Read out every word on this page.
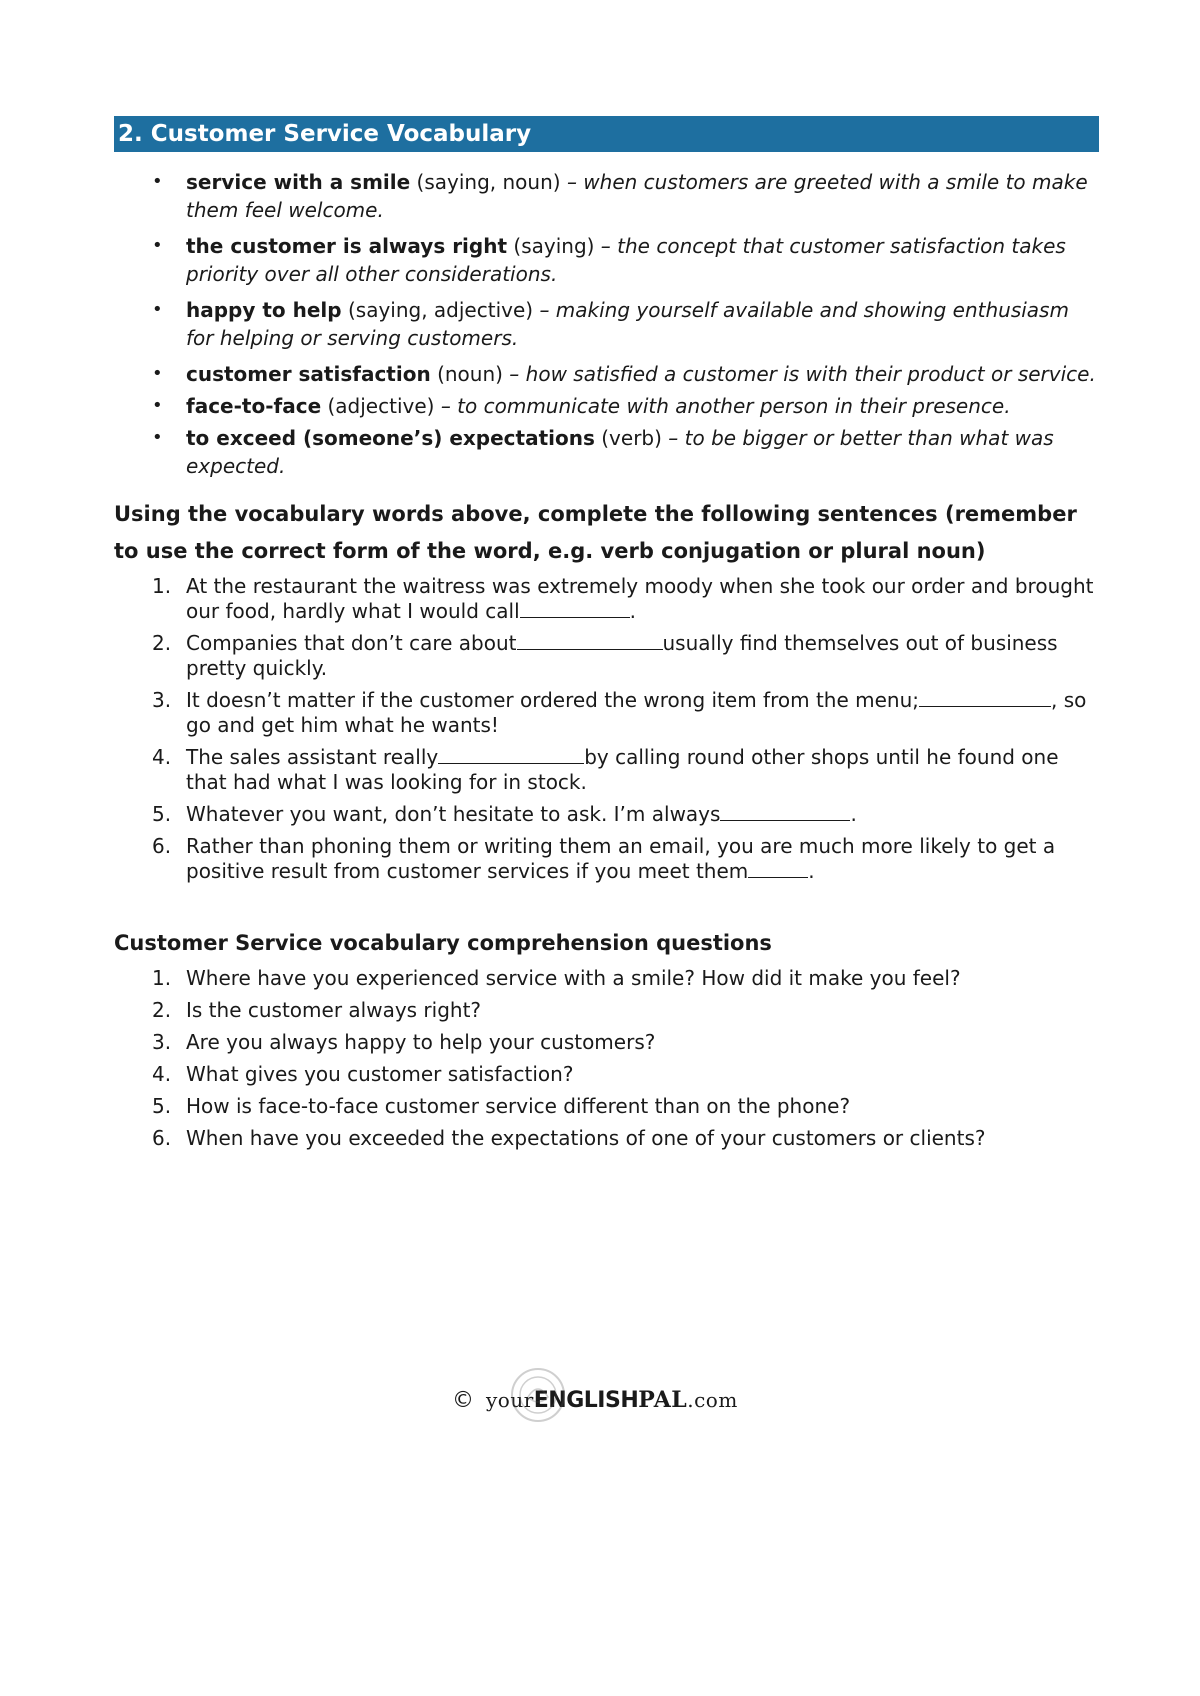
2. Customer Service Vocabulary
• service with a smile (saying, noun) – when customers are greeted with a smile to make them feel welcome.
• the customer is always right (saying) – the concept that customer satisfaction takes priority over all other considerations.
• happy to help (saying, adjective) – making yourself available and showing enthusiasm for helping or serving customers.
• customer satisfaction (noun) – how satisfied a customer is with their product or service.
• face-to-face (adjective) – to communicate with another person in their presence.
• to exceed (someone’s) expectations (verb) – to be bigger or better than what was expected.

Using the vocabulary words above, complete the following sentences (remember to use the correct form of the word, e.g. verb conjugation or plural noun)

1. At the restaurant the waitress was extremely moody when she took our order and brought our food, hardly what I would call	.
2. Companies that don’t care about	usually find themselves out of business pretty quickly.
3. It doesn’t matter if the customer ordered the wrong item from the menu;	, so go and get him what he wants!
4. The sales assistant really	by calling round other shops until he found one that had what I was looking for in stock.
5. Whatever you want, don’t hesitate to ask. I’m always	.
6. Rather than phoning them or writing them an email, you are much more likely to get a positive result from customer services if you meet them	.

Customer Service vocabulary comprehension questions

1. Where have you experienced service with a smile? How did it make you feel?
2. Is the customer always right?
3. Are you always happy to help your customers?
4. What gives you customer satisfaction?
5. How is face-to-face customer service different than on the phone?
6. When have you exceeded the expectations of one of your customers or clients?
© yourENGLISHPAL.com
